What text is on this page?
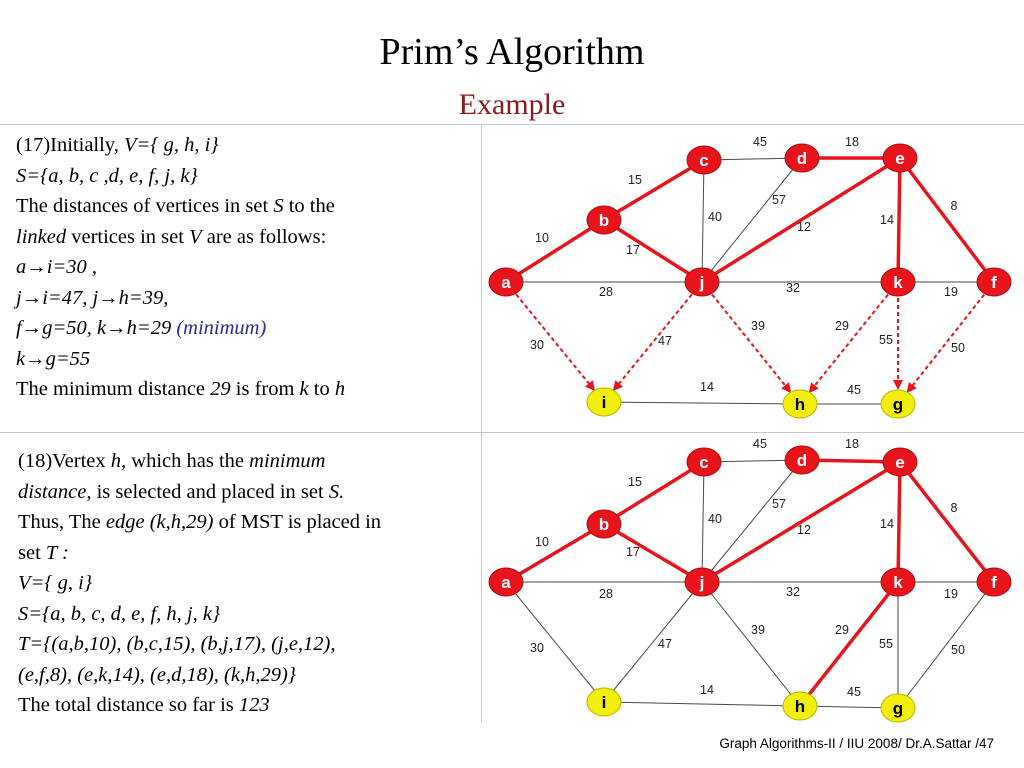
Prim’s Algorithm
Example
(17)Initially, V={ g, h, i}
S={a, b, c ,d, e, f, j, k}
The distances of vertices in set S to the
linked vertices in set V are as follows:
a→i=30 ,
j→i=47, j→h=39,
f→g=50, k→h=29 (minimum)
k→g=55
The minimum distance 29 is from k to h
(18)Vertex h, which has the minimum
distance, is selected and placed in set S.
Thus, The edge (k,h,29) of MST is placed in
set T :
V={ g, i}
S={a, b, c, d, e, f, h, j, k}
T={(a,b,10), (b,c,15), (b,j,17), (j,e,12),
(e,f,8), (e,k,14), (e,d,18), (k,h,29)}
The total distance so far is 123
10
15
17
40
45	18
57
12	14
8
28	32	19
30	47
39	29
55
50
14	45
a
b
c	d	e
f
j	k
i	h	g
10
15
17
40
45	18
57
12	14
8
28	32	19
30	47
39	29
55	50
14	45
a
b
c	d	e
f
j	k
i	h	g
Graph Algorithms-II / IIU 2008/ Dr.A.Sattar /47
